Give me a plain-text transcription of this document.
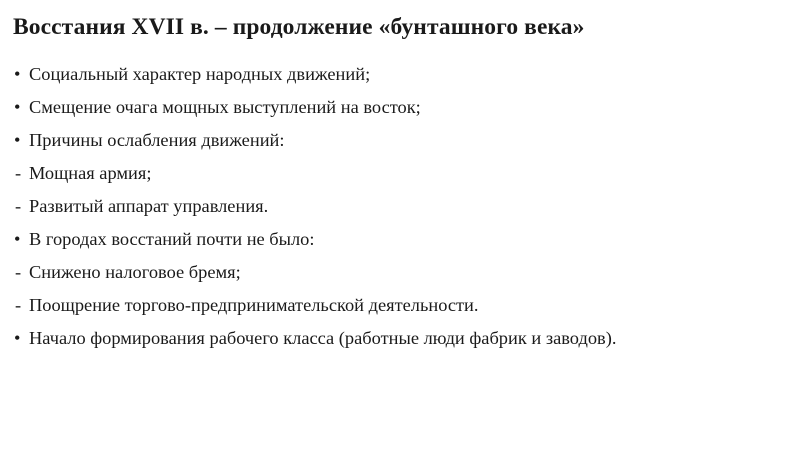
Восстания XVII в. – продолжение «бунташного века»
• Социальный характер народных движений;
• Смещение очага мощных выступлений на восток;
• Причины ослабления движений:
- Мощная армия;
- Развитый аппарат управления.
• В городах восстаний почти не было:
- Снижено налоговое бремя;
- Поощрение торгово-предпринимательской деятельности.
• Начало формирования рабочего класса (работные люди фабрик и заводов).
